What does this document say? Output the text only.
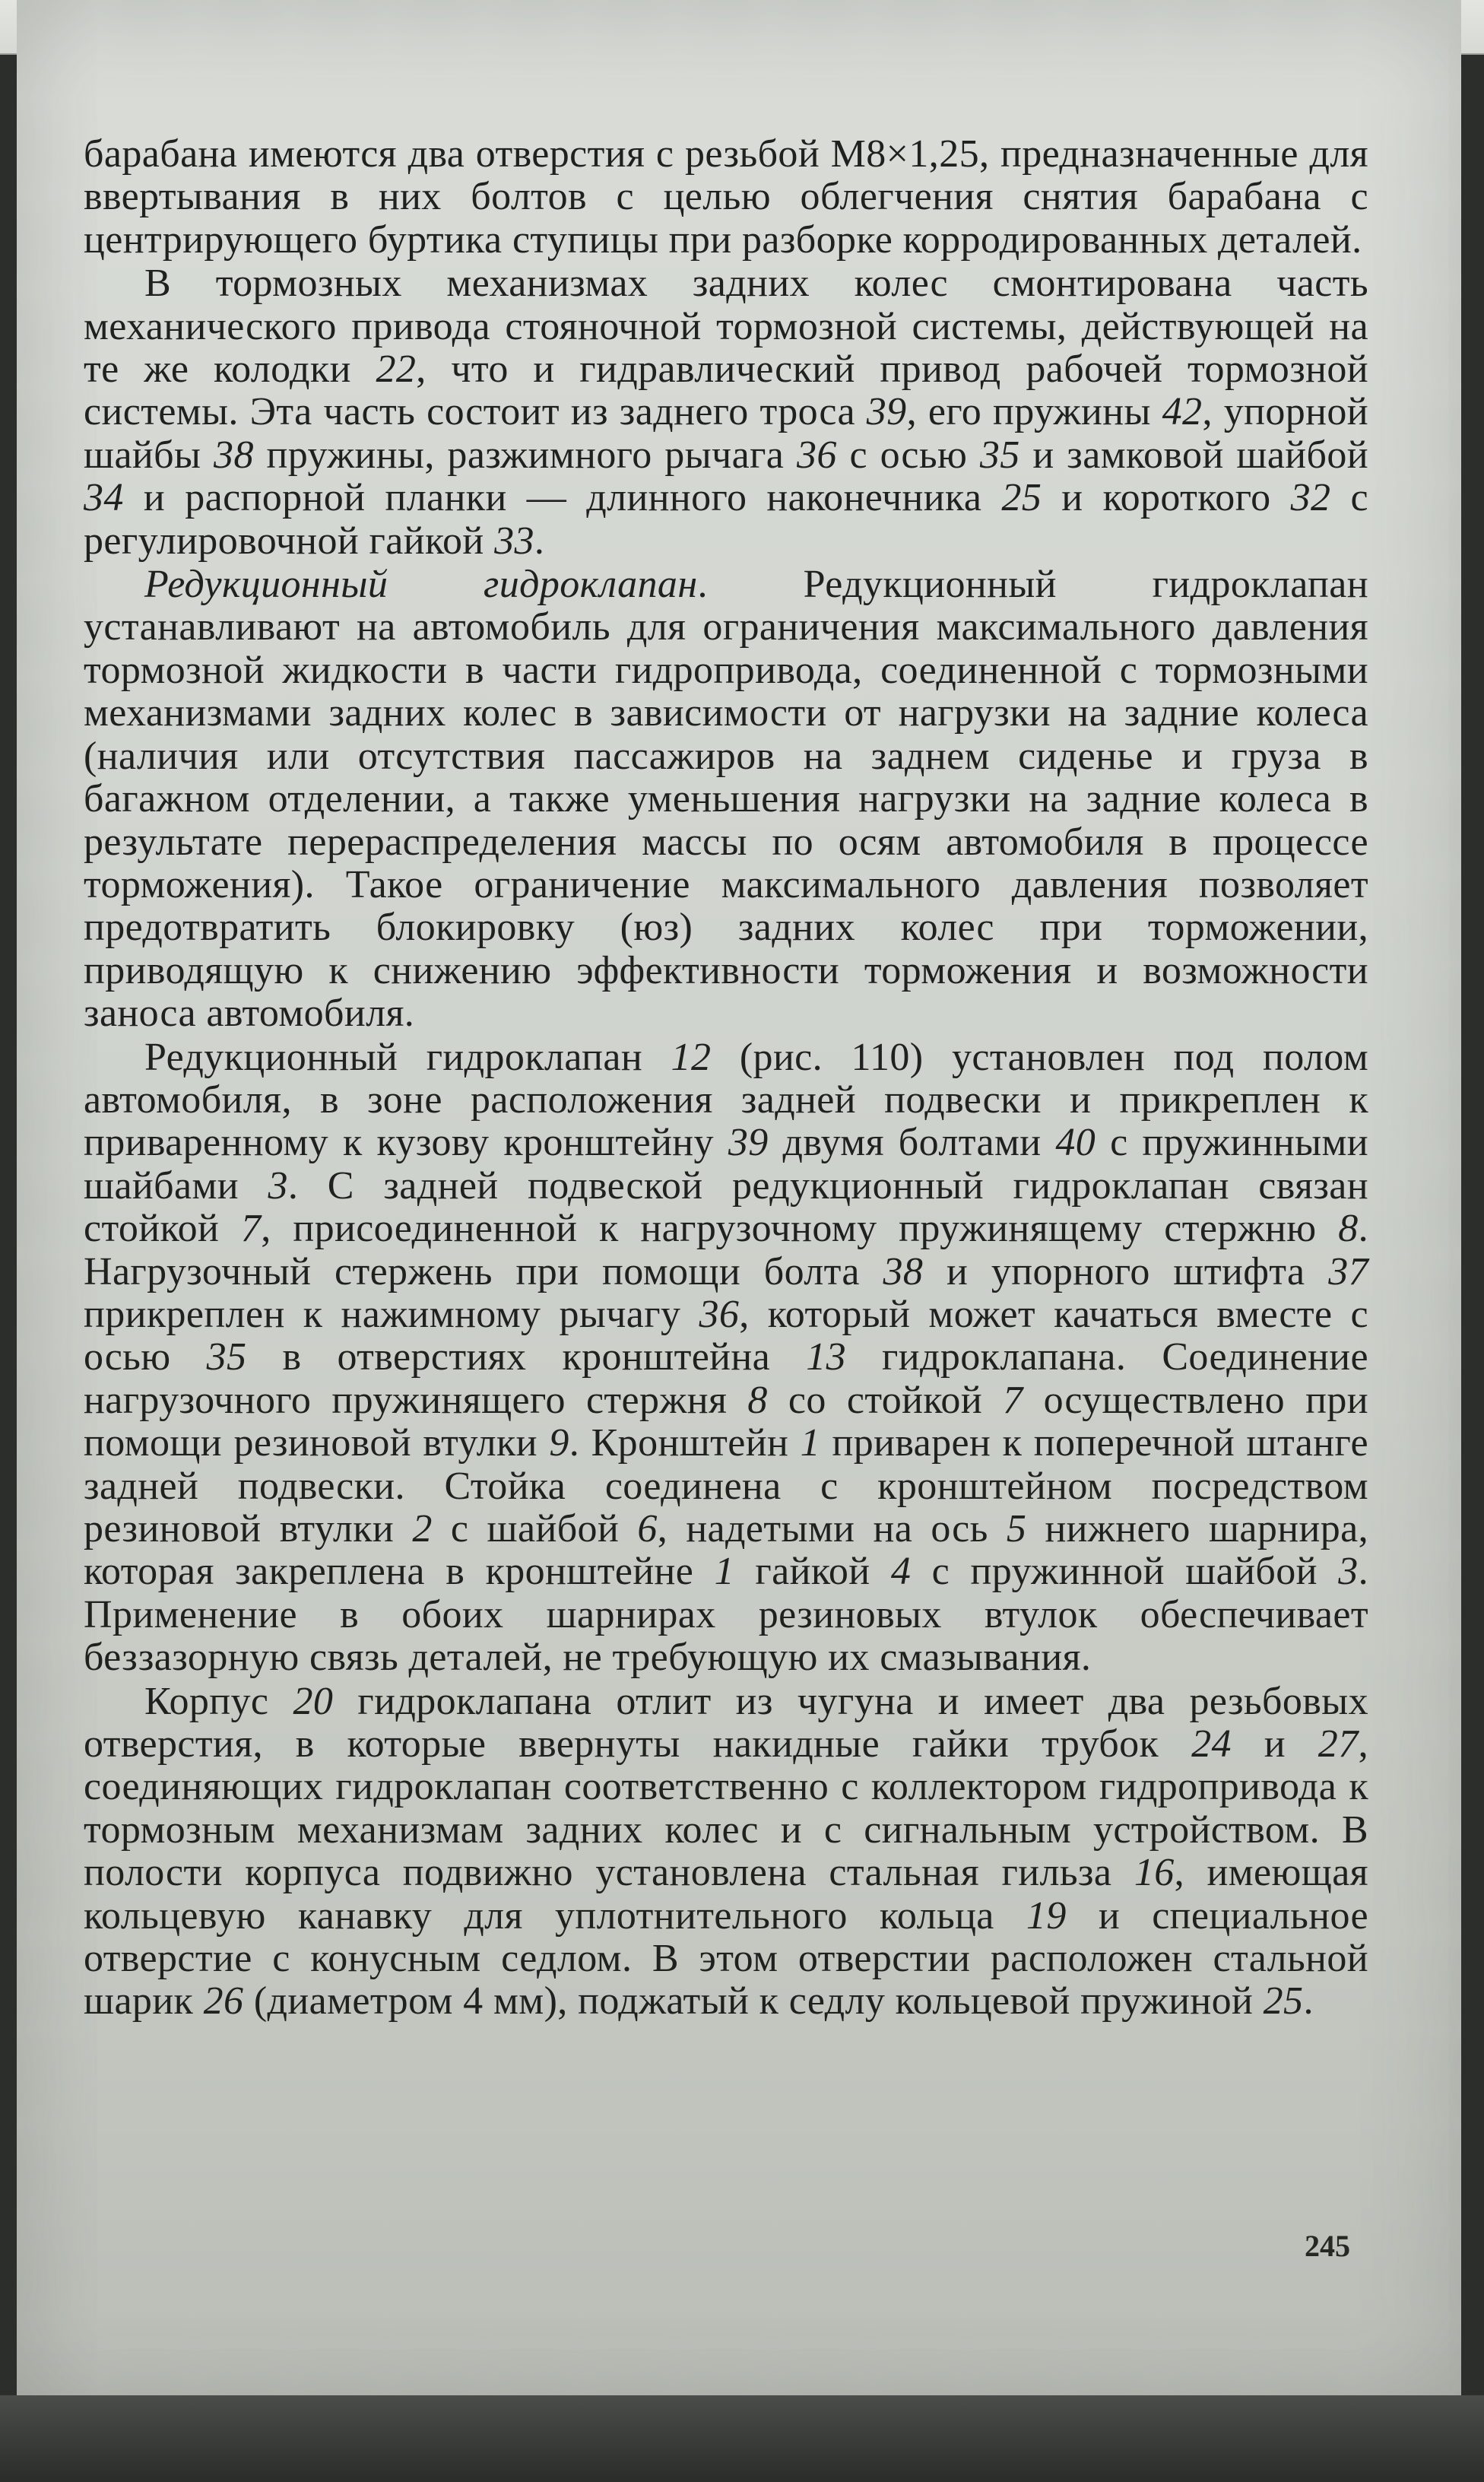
барабана имеются два отверстия с резьбой М8×1,25, предназначенные для ввертывания в них болтов с целью облегчения снятия барабана с центрирующего буртика ступицы при разборке корродированных деталей.

В тормозных механизмах задних колес смонтирована часть механического привода стояночной тормозной системы, действующей на те же колодки 22, что и гидравлический привод рабочей тормозной системы. Эта часть состоит из заднего троса 39, его пружины 42, упорной шайбы 38 пружины, разжимного рычага 36 с осью 35 и замковой шайбой 34 и распорной планки — длинного наконечника 25 и короткого 32 с регулировочной гайкой 33.

Редукционный гидроклапан. Редукционный гидроклапан устанавливают на автомобиль для ограничения максимального давления тормозной жидкости в части гидропривода, соединенной с тормозными механизмами задних колес в зависимости от нагрузки на задние колеса (наличия или отсутствия пассажиров на заднем сиденье и груза в багажном отделении, а также уменьшения нагрузки на задние колеса в результате перераспределения массы по осям автомобиля в процессе торможения). Такое ограничение максимального давления позволяет предотвратить блокировку (юз) задних колес при торможении, приводящую к снижению эффективности торможения и возможности заноса автомобиля.

Редукционный гидроклапан 12 (рис. 110) установлен под полом автомобиля, в зоне расположения задней подвески и прикреплен к приваренному к кузову кронштейну 39 двумя болтами 40 с пружинными шайбами 3. С задней подвеской редукционный гидроклапан связан стойкой 7, присоединенной к нагрузочному пружинящему стержню 8. Нагрузочный стержень при помощи болта 38 и упорного штифта 37 прикреплен к нажимному рычагу 36, который может качаться вместе с осью 35 в отверстиях кронштейна 13 гидроклапана. Соединение нагрузочного пружинящего стержня 8 со стойкой 7 осуществлено при помощи резиновой втулки 9. Кронштейн 1 приварен к поперечной штанге задней подвески. Стойка соединена с кронштейном посредством резиновой втулки 2 с шайбой 6, надетыми на ось 5 нижнего шарнира, которая закреплена в кронштейне 1 гайкой 4 с пружинной шайбой 3. Применение в обоих шарнирах резиновых втулок обеспечивает беззазорную связь деталей, не требующую их смазывания.

Корпус 20 гидроклапана отлит из чугуна и имеет два резьбовых отверстия, в которые ввернуты накидные гайки трубок 24 и 27, соединяющих гидроклапан соответственно с коллектором гидропривода к тормозным механизмам задних колес и с сигнальным устройством. В полости корпуса подвижно установлена стальная гильза 16, имеющая кольцевую канавку для уплотнительного кольца 19 и специальное отверстие с конусным седлом. В этом отверстии расположен стальной шарик 26 (диаметром 4 мм), поджатый к седлу кольцевой пружиной 25.

245
